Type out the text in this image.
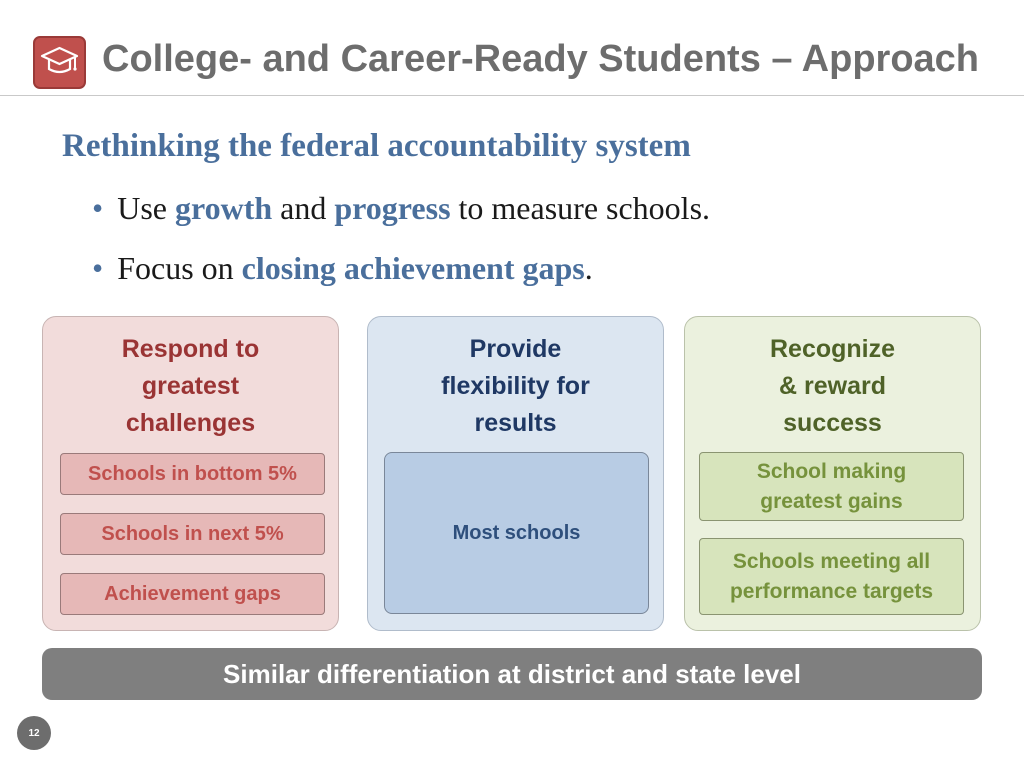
College- and Career-Ready Students – Approach
Rethinking the federal accountability system
• Use growth and progress to measure schools.
• Focus on closing achievement gaps.
Respond to
greatest
challenges
Schools in bottom 5%
Schools in next 5%
Achievement gaps
Provide
flexibility for
results
Most schools
Recognize
& reward
success
School making
greatest gains
Schools meeting all
performance targets
Similar differentiation at district and state level
12
